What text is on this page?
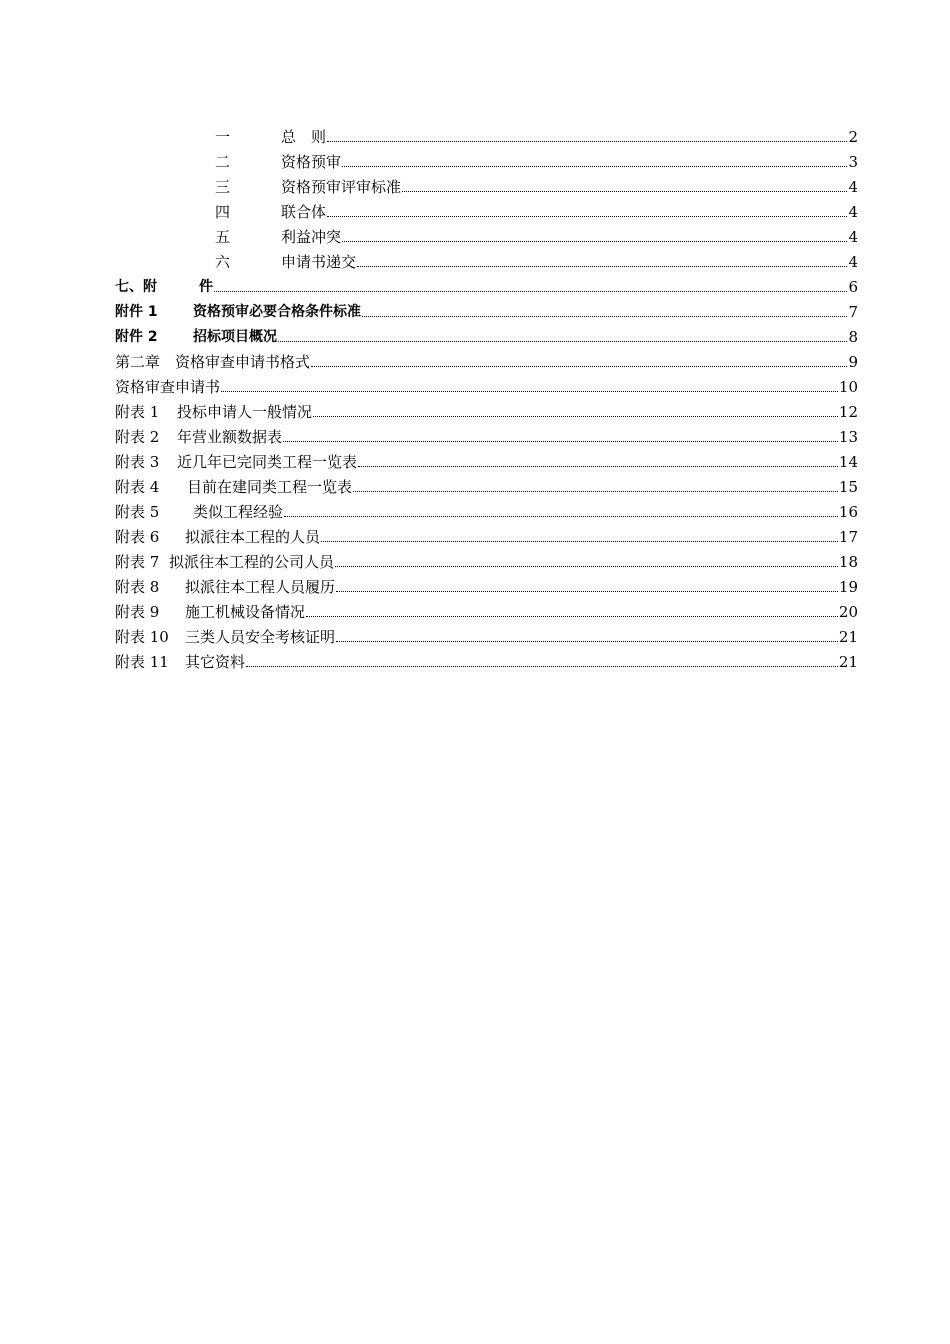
一	总　则	2
二	资格预审	3
三	资格预审评审标准	4
四	联合体	4
五	利益冲突	4
六	申请书递交	4
七、附	件	6
附件 1	资格预审必要合格条件标准	7
附件 2	招标项目概况	8
第二章 资格审查申请书格式	9
资格审查申请书	10
附表 1	投标申请人一般情况	12
附表 2	年营业额数据表	13
附表 3	近几年已完同类工程一览表	14
附表 4	目前在建同类工程一览表	15
附表 5	类似工程经验	16
附表 6	拟派往本工程的人员	17
附表 7 拟派往本工程的公司人员	18
附表 8	拟派往本工程人员履历	19
附表 9	施工机械设备情况	20
附表 10	三类人员安全考核证明	21
附表 11	其它资料	21
